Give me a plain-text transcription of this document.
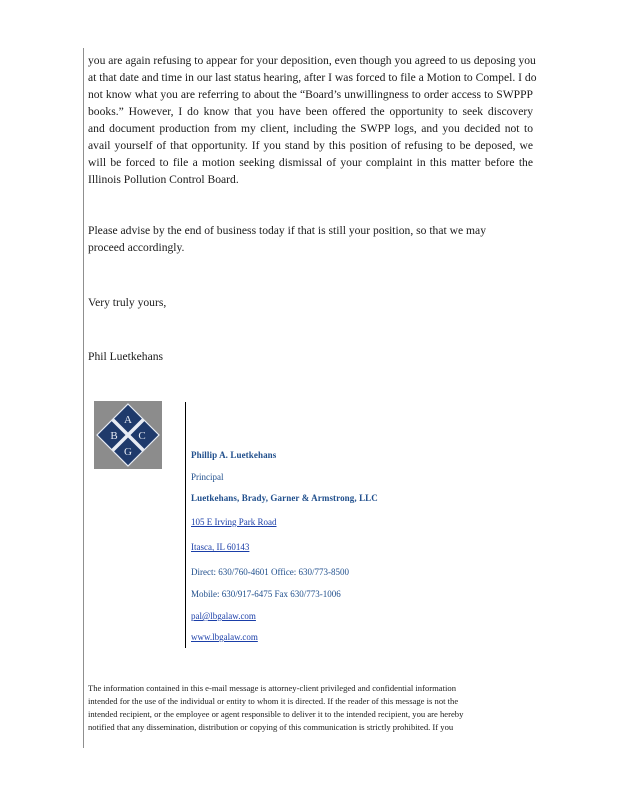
you are again refusing to appear for your deposition, even though you agreed to us deposing you
at that date and time in our last status hearing, after I was forced to file a Motion to Compel. I do
not know what you are referring to about the “Board’s unwillingness to order access to SWPPP
books.” However, I do know that you have been offered the opportunity to seek discovery
and document production from my client, including the SWPP logs, and you decided not to
avail yourself of that opportunity. If you stand by this position of refusing to be deposed, we
will be forced to file a motion seeking dismissal of your complaint in this matter before the
Illinois Pollution Control Board.
Please advise by the end of business today if that is still your position, so that we may
proceed accordingly.
Very truly yours,
Phil Luetkehans
A
B C
G	Phillip A. Luetkehans
Principal
Luetkehans, Brady, Garner & Armstrong, LLC
105 E Irving Park Road
Itasca, IL 60143
Direct: 630/760-4601 Office: 630/773-8500
Mobile: 630/917-6475 Fax 630/773-1006
pal@lbgalaw.com
www.lbgalaw.com
The information contained in this e-mail message is attorney-client privileged and confidential information
intended for the use of the individual or entity to whom it is directed. If the reader of this message is not the
intended recipient, or the employee or agent responsible to deliver it to the intended recipient, you are hereby
notified that any dissemination, distribution or copying of this communication is strictly prohibited. If you
